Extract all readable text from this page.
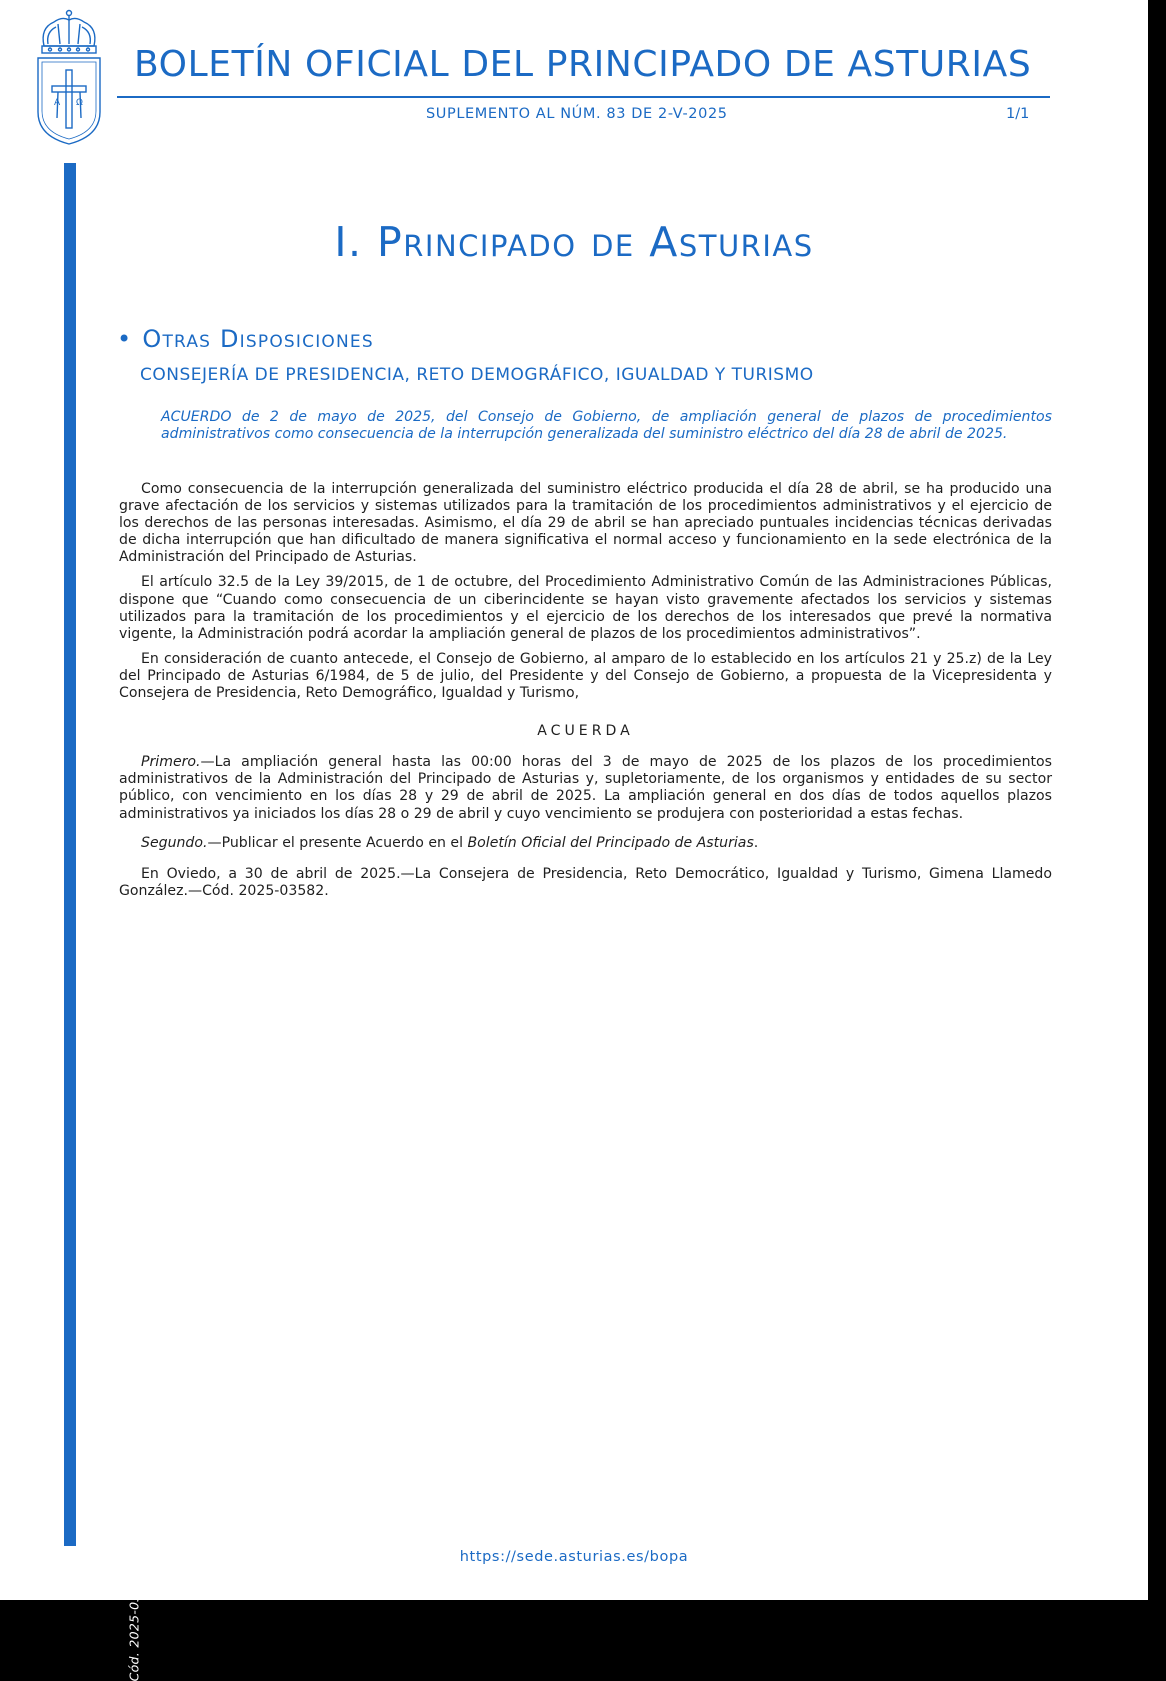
A Ω
BOLETÍN OFICIAL DEL PRINCIPADO DE ASTURIAS
SUPLEMENTO AL NÚM. 83 DE 2-V-2025	1/1
Cód. 2025-03582
I. Principado de Asturias
• Otras Disposiciones
CONSEJERÍA DE PRESIDENCIA, RETO DEMOGRÁFICO, IGUALDAD Y TURISMO
ACUERDO de 2 de mayo de 2025, del Consejo de Gobierno, de ampliación general de plazos de procedimientos administrativos como consecuencia de la interrupción generalizada del suministro eléctrico del día 28 de abril de 2025.

Como consecuencia de la interrupción generalizada del suministro eléctrico producida el día 28 de abril, se ha producido una grave afectación de los servicios y sistemas utilizados para la tramitación de los procedimientos administrativos y el ejercicio de los derechos de las personas interesadas. Asimismo, el día 29 de abril se han apreciado puntuales incidencias técnicas derivadas de dicha interrupción que han dificultado de manera significativa el normal acceso y funcionamiento en la sede electrónica de la Administración del Principado de Asturias.

El artículo 32.5 de la Ley 39/2015, de 1 de octubre, del Procedimiento Administrativo Común de las Administraciones Públicas, dispone que “Cuando como consecuencia de un ciberincidente se hayan visto gravemente afectados los servicios y sistemas utilizados para la tramitación de los procedimientos y el ejercicio de los derechos de los interesados que prevé la normativa vigente, la Administración podrá acordar la ampliación general de plazos de los procedimientos administrativos”.

En consideración de cuanto antecede, el Consejo de Gobierno, al amparo de lo establecido en los artículos 21 y 25.z) de la Ley del Principado de Asturias 6/1984, de 5 de julio, del Presidente y del Consejo de Gobierno, a propuesta de la Vicepresidenta y Consejera de Presidencia, Reto Demográfico, Igualdad y Turismo,

ACUERDA

Primero.—La ampliación general hasta las 00:00 horas del 3 de mayo de 2025 de los plazos de los procedimientos administrativos de la Administración del Principado de Asturias y, supletoriamente, de los organismos y entidades de su sector público, con vencimiento en los días 28 y 29 de abril de 2025. La ampliación general en dos días de todos aquellos plazos administrativos ya iniciados los días 28 o 29 de abril y cuyo vencimiento se produjera con posterioridad a estas fechas.

Segundo.—Publicar el presente Acuerdo en el Boletín Oficial del Principado de Asturias.

En Oviedo, a 30 de abril de 2025.—La Consejera de Presidencia, Reto Democrático, Igualdad y Turismo, Gimena Llamedo González.—Cód. 2025-03582.

https://sede.asturias.es/bopa
